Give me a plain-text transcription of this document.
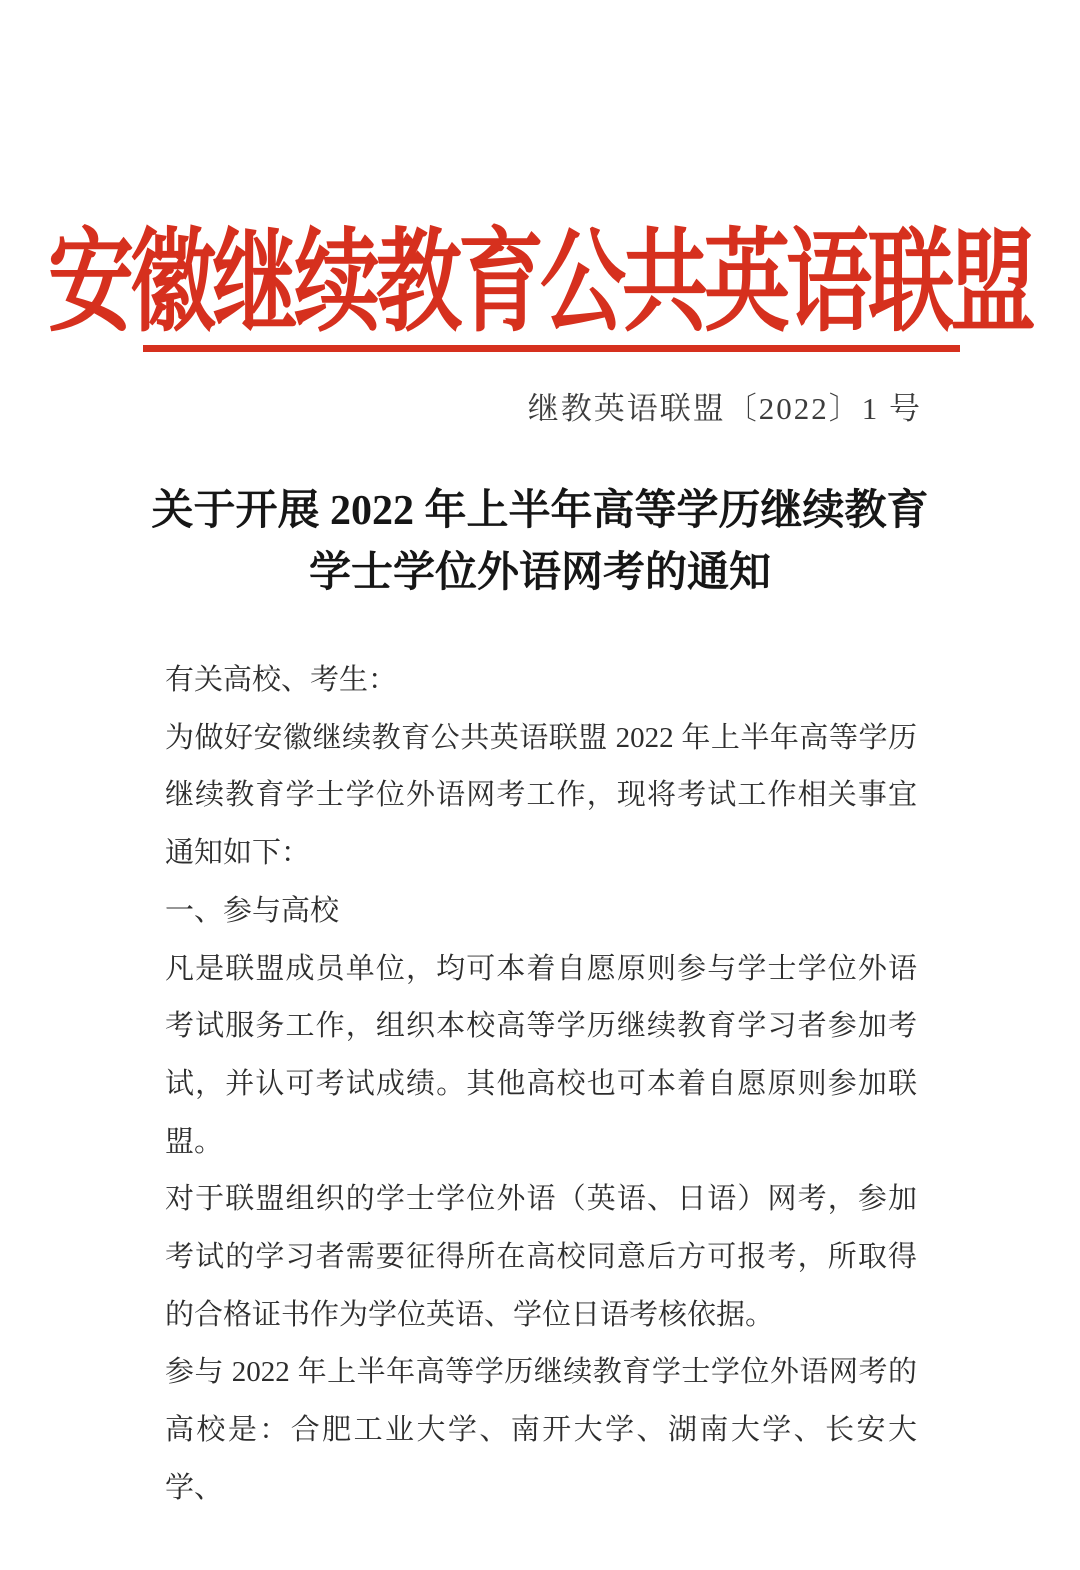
安徽继续教育公共英语联盟
继教英语联盟〔2022〕1 号
关于开展 2022 年上半年高等学历继续教育
学士学位外语网考的通知

有关高校、考生：

为做好安徽继续教育公共英语联盟 2022 年上半年高等学历继续教育学士学位外语网考工作，现将考试工作相关事宜通知如下：

一、参与高校

凡是联盟成员单位，均可本着自愿原则参与学士学位外语考试服务工作，组织本校高等学历继续教育学习者参加考试，并认可考试成绩。其他高校也可本着自愿原则参加联盟。

对于联盟组织的学士学位外语（英语、日语）网考，参加考试的学习者需要征得所在高校同意后方可报考，所取得的合格证书作为学位英语、学位日语考核依据。

参与 2022 年上半年高等学历继续教育学士学位外语网考的高校是：合肥工业大学、南开大学、湖南大学、长安大学、
